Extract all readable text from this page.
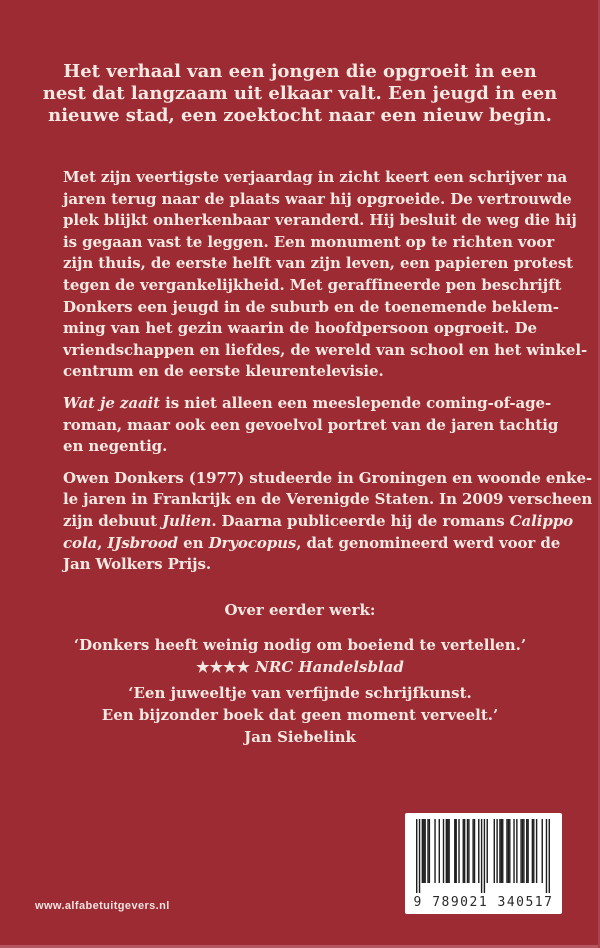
Het verhaal van een jongen die opgroeit in een
nest dat langzaam uit elkaar valt. Een jeugd in een
nieuwe stad, een zoektocht naar een nieuw begin.
Met zijn veertigste verjaardag in zicht keert een schrijver na
jaren terug naar de plaats waar hij opgroeide. De vertrouwde
plek blijkt onherkenbaar veranderd. Hij besluit de weg die hij
is gegaan vast te leggen. Een monument op te richten voor
zijn thuis, de eerste helft van zijn leven, een papieren protest
tegen de vergankelijkheid. Met geraffineerde pen beschrijft
Donkers een jeugd in de suburb en de toenemende beklem-
ming van het gezin waarin de hoofdpersoon opgroeit. De
vriendschappen en liefdes, de wereld van school en het winkel-
centrum en de eerste kleurentelevisie.
Wat je zaait is niet alleen een meeslepende coming-of-age-
roman, maar ook een gevoelvol portret van de jaren tachtig
en negentig.
Owen Donkers (1977) studeerde in Groningen en woonde enke-
le jaren in Frankrijk en de Verenigde Staten. In 2009 verscheen
zijn debuut Julien. Daarna publiceerde hij de romans Calippo
cola, IJsbrood en Dryocopus, dat genomineerd werd voor de
Jan Wolkers Prijs.
Over eerder werk:
‘Donkers heeft weinig nodig om boeiend te vertellen.’
★★★★ NRC Handelsblad
‘Een juweeltje van verfijnde schrijfkunst.
Een bijzonder boek dat geen moment verveelt.’
Jan Siebelink
www.alfabetuitgevers.nl	9 789021 340517
